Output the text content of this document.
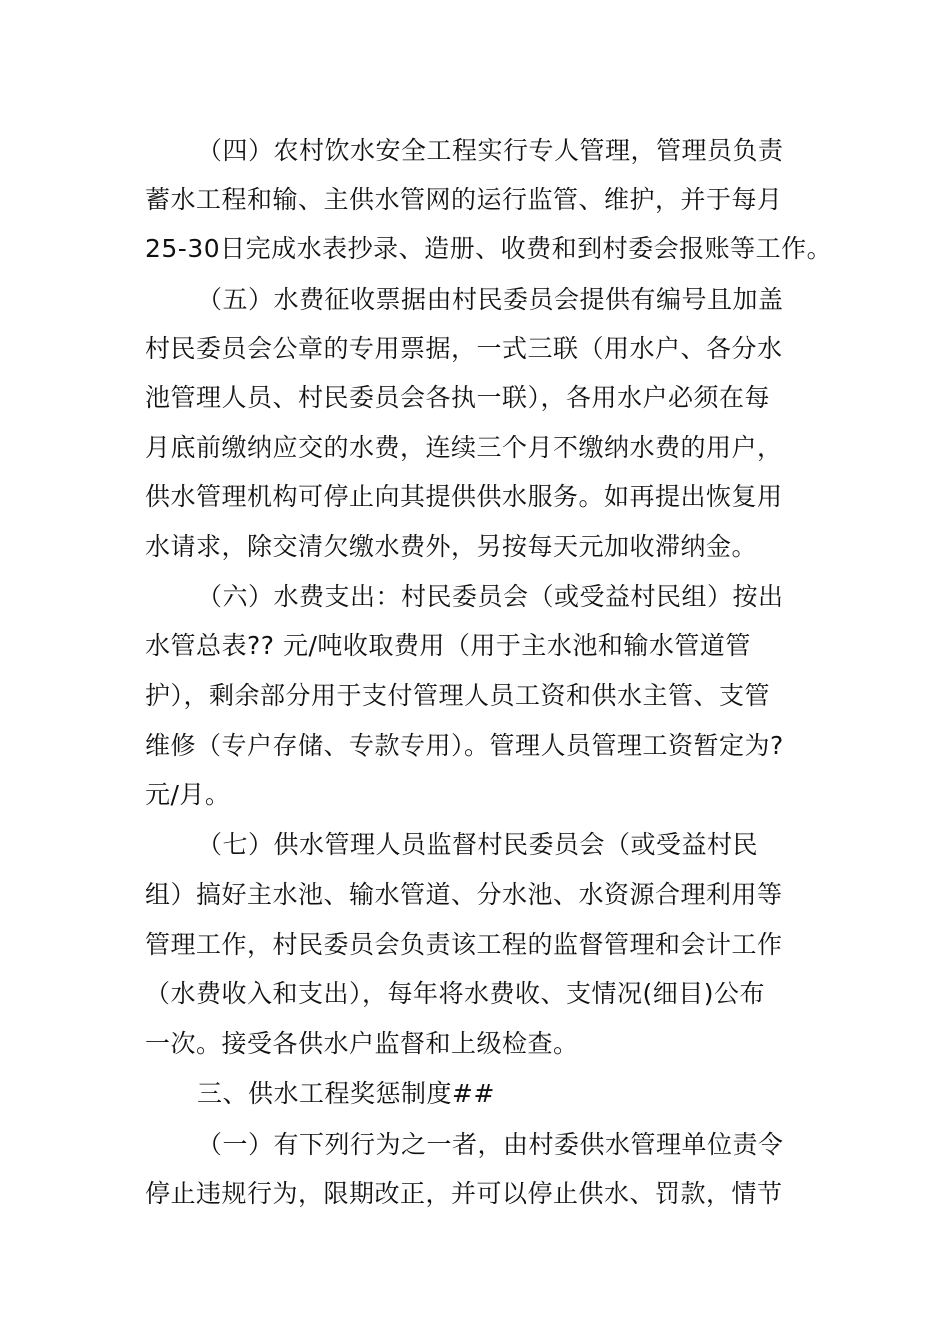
（四）农村饮水安全工程实行专人管理，管理员负责
蓄水工程和输、主供水管网的运行监管、维护，并于每月
25-30日完成水表抄录、造册、收费和到村委会报账等工作。
（五）水费征收票据由村民委员会提供有编号且加盖
村民委员会公章的专用票据，一式三联（用水户、各分水
池管理人员、村民委员会各执一联），各用水户必须在每
月底前缴纳应交的水费，连续三个月不缴纳水费的用户，
供水管理机构可停止向其提供供水服务。如再提出恢复用
水请求，除交清欠缴水费外，另按每天元加收滞纳金。
（六）水费支出：村民委员会（或受益村民组）按出
水管总表?? 元/吨收取费用（用于主水池和输水管道管
护），剩余部分用于支付管理人员工资和供水主管、支管
维修（专户存储、专款专用）。管理人员管理工资暂定为?
元/月。
（七）供水管理人员监督村民委员会（或受益村民
组）搞好主水池、输水管道、分水池、水资源合理利用等
管理工作，村民委员会负责该工程的监督管理和会计工作
（水费收入和支出），每年将水费收、支情况(细目)公布
一次。接受各供水户监督和上级检查。
三、供水工程奖惩制度##
（一）有下列行为之一者，由村委供水管理单位责令
停止违规行为，限期改正，并可以停止供水、罚款，情节
